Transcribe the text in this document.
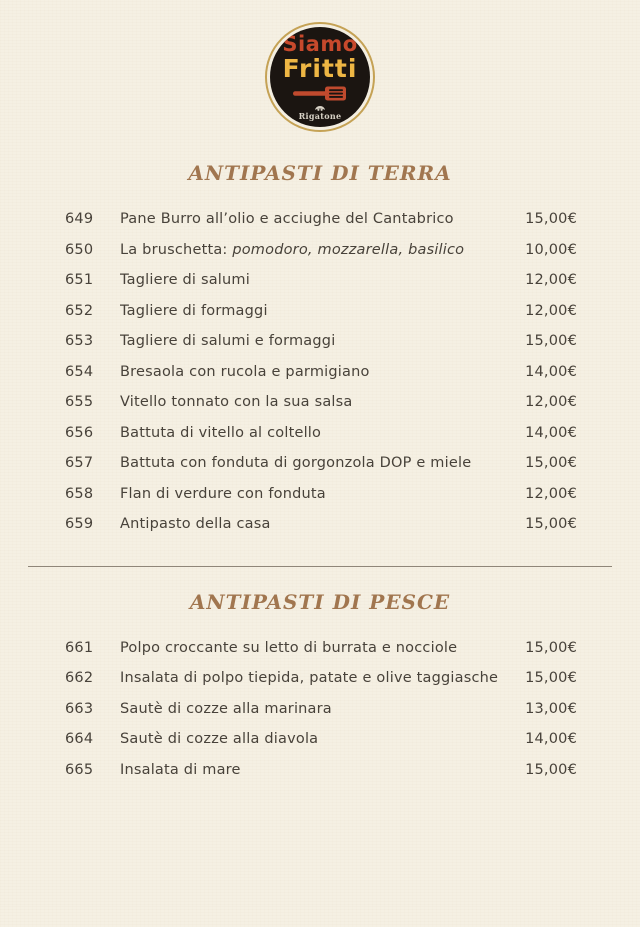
Siamo
Fritti
Rigatone
ANTIPASTI DI TERRA
649	Pane Burro all’olio e acciughe del Cantabrico	15,00€
650	La bruschetta: pomodoro, mozzarella, basilico	10,00€
651	Tagliere di salumi	12,00€
652	Tagliere di formaggi	12,00€
653	Tagliere di salumi e formaggi	15,00€
654	Bresaola con rucola e parmigiano	14,00€
655	Vitello tonnato con la sua salsa	12,00€
656	Battuta di vitello al coltello	14,00€
657	Battuta con fonduta di gorgonzola DOP e miele	15,00€
658	Flan di verdure con fonduta	12,00€
659	Antipasto della casa	15,00€
ANTIPASTI DI PESCE
661	Polpo croccante su letto di burrata e nocciole	15,00€
662	Insalata di polpo tiepida, patate e olive taggiasche	15,00€
663	Sautè di cozze alla marinara	13,00€
664	Sautè di cozze alla diavola	14,00€
665	Insalata di mare	15,00€
